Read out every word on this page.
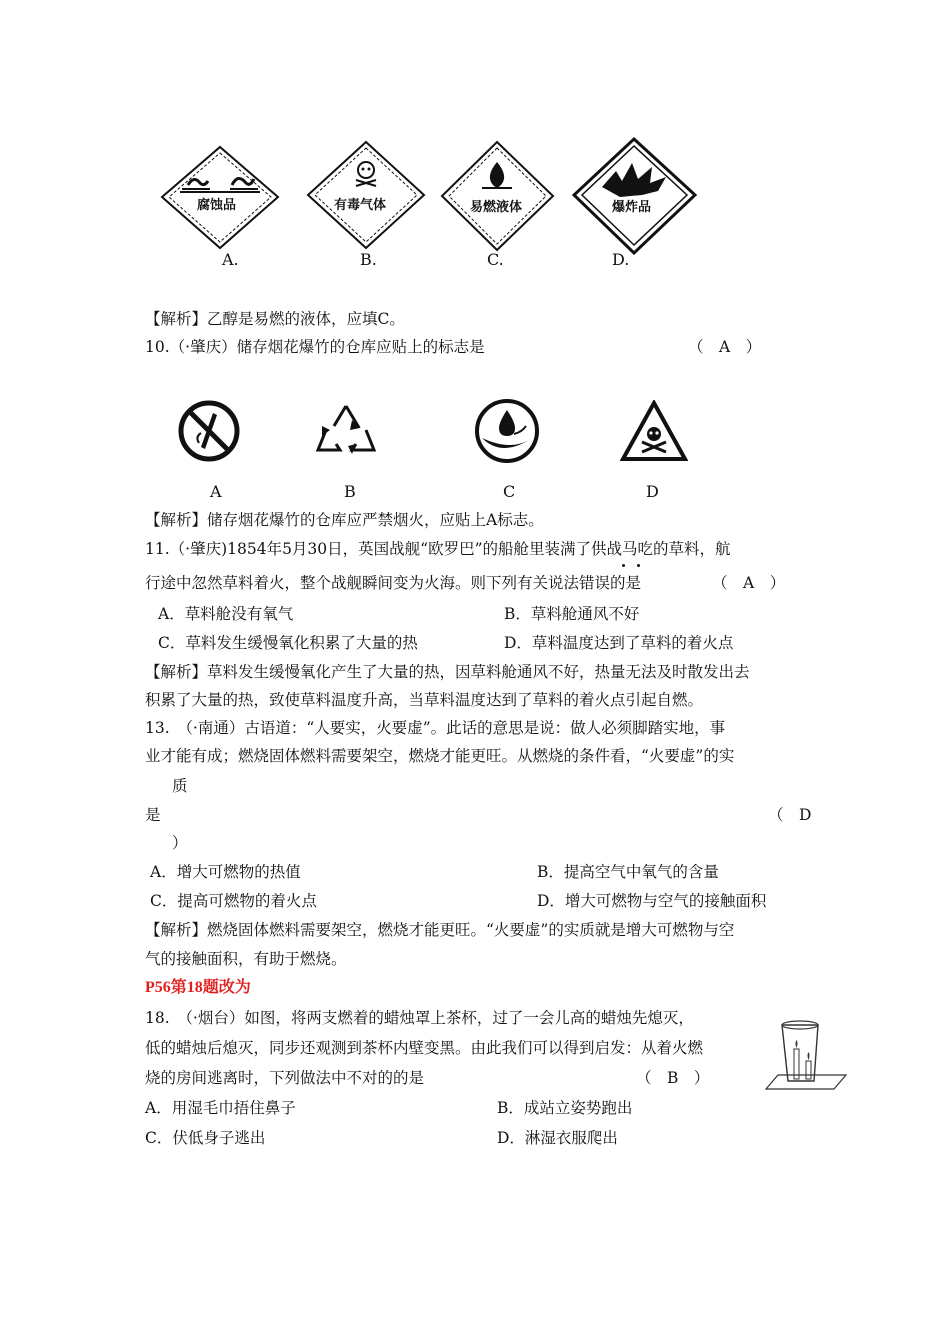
腐蚀品	有毒气体	易燃液体	爆炸品
A.	B.	C.	D.
【解析】乙醇是易燃的液体，应填C。
10.（·肇庆）储存烟花爆竹的仓库应贴上的标志是	（　A　）
A	B	C	D
【解析】储存烟花爆竹的仓库应严禁烟火，应贴上A标志。
11.（·肇庆)1854年5月30日，英国战舰“欧罗巴”的船舱里装满了供战马吃的草料，航
行途中忽然草料着火，整个战舰瞬间变为火海。则下列有关说法错误的是	（　A　）
A．草料舱没有氧气	B．草料舱通风不好
C．草料发生缓慢氧化积累了大量的热	D．草料温度达到了草料的着火点
【解析】草料发生缓慢氧化产生了大量的热，因草料舱通风不好，热量无法及时散发出去
积累了大量的热，致使草料温度升高，当草料温度达到了草料的着火点引起自燃。
13.　（·南通）古语道：“人要实，火要虚”。此话的意思是说：做人必须脚踏实地，事
业才能有成；燃烧固体燃料需要架空，燃烧才能更旺。从燃烧的条件看，“火要虚”的实
质
是	（　D
）
A．增大可燃物的热值	B．提高空气中氧气的含量
C．提高可燃物的着火点	D．增大可燃物与空气的接触面积
【解析】燃烧固体燃料需要架空，燃烧才能更旺。“火要虚”的实质就是增大可燃物与空
气的接触面积，有助于燃烧。
P56第18题改为
18.　（·烟台）如图，将两支燃着的蜡烛罩上茶杯，过了一会儿高的蜡烛先熄灭，
低的蜡烛后熄灭，同步还观测到茶杯内壁变黑。由此我们可以得到启发：从着火燃
烧的房间逃离时，下列做法中不对的的是	（　B　）
A．用湿毛巾捂住鼻子	B．成站立姿势跑出
C．伏低身子逃出	D．淋湿衣服爬出
